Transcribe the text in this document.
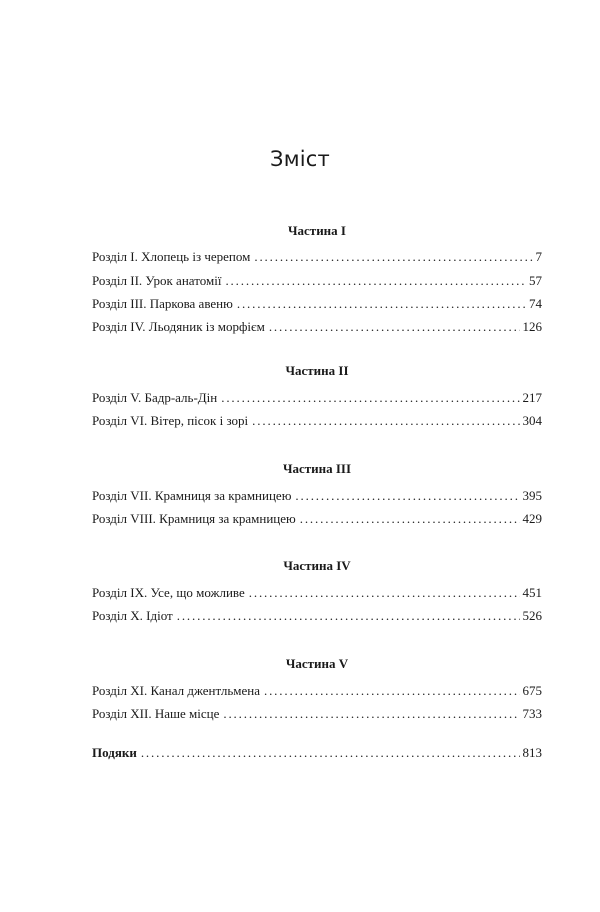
Зміст
Частина I
Розділ I. Хлопець із черепом . . .	7
Розділ II. Урок анатомії . . .	57
Розділ III. Паркова авеню . . .	74
Розділ IV. Льодяник із морфієм . . .	126
Частина II
Розділ V. Бадр-аль-Дін . . .	217
Розділ VI. Вітер, пісок і зорі . . .	304
Частина III
Розділ VII. Крамниця за крамницею . . .	395
Розділ VIII. Крамниця за крамницею . . .	429
Частина IV
Розділ IX. Усе, що можливе . . .	451
Розділ X. Ідіот . . .	526
Частина V
Розділ XI. Канал джентльмена . . .	675
Розділ XII. Наше місце . . .	733
Подяки . . .	813
